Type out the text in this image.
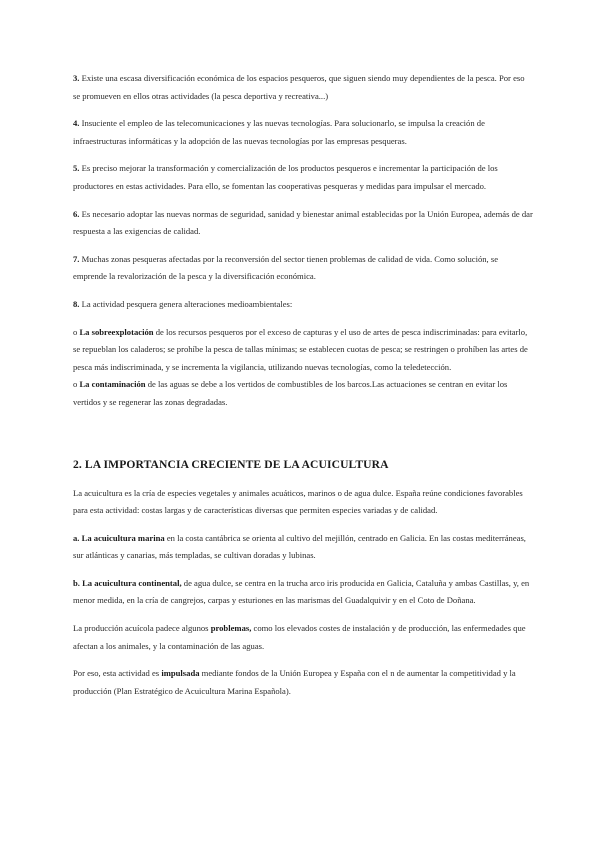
3. Existe una escasa diversificación económica de los espacios pesqueros, que siguen siendo muy dependientes de la pesca. Por eso se promueven en ellos otras actividades (la pesca deportiva y recreativa...)

4. Insuciente el empleo de las telecomunicaciones y las nuevas tecnologías. Para solucionarlo, se impulsa la creación de infraestructuras informáticas y la adopción de las nuevas tecnologías por las empresas pesqueras.

5. Es preciso mejorar la transformación y comercialización de los productos pesqueros e incrementar la participación de los productores en estas actividades. Para ello, se fomentan las cooperativas pesqueras y medidas para impulsar el mercado.

6. Es necesario adoptar las nuevas normas de seguridad, sanidad y bienestar animal establecidas por la Unión Europea, además de dar respuesta a las exigencias de calidad.

7. Muchas zonas pesqueras afectadas por la reconversión del sector tienen problemas de calidad de vida. Como solución, se emprende la revalorización de la pesca y la diversificación económica.

8. La actividad pesquera genera alteraciones medioambientales:

o La sobreexplotación de los recursos pesqueros por el exceso de capturas y el uso de artes de pesca indiscriminadas: para evitarlo, se repueblan los caladeros; se prohíbe la pesca de tallas mínimas; se establecen cuotas de pesca; se restringen o prohíben las artes de pesca más indiscriminada, y se incrementa la vigilancia, utilizando nuevas tecnologías, como la teledetección.

o La contaminación de las aguas se debe a los vertidos de combustibles de los barcos.Las actuaciones se centran en evitar los vertidos y se regenerar las zonas degradadas.

2. LA IMPORTANCIA CRECIENTE DE LA ACUICULTURA

La acuicultura es la cría de especies vegetales y animales acuáticos, marinos o de agua dulce. España reúne condiciones favorables para esta actividad: costas largas y de características diversas que permiten especies variadas y de calidad.

a. La acuicultura marina en la costa cantábrica se orienta al cultivo del mejillón, centrado en Galicia. En las costas mediterráneas, sur atlánticas y canarias, más templadas, se cultivan doradas y lubinas.

b. La acuicultura continental, de agua dulce, se centra en la trucha arco iris producida en Galicia, Cataluña y ambas Castillas, y, en menor medida, en la cría de cangrejos, carpas y esturiones en las marismas del Guadalquivir y en el Coto de Doñana.

La producción acuícola padece algunos problemas, como los elevados costes de instalación y de producción, las enfermedades que afectan a los animales, y la contaminación de las aguas.

Por eso, esta actividad es impulsada mediante fondos de la Unión Europea y España con el n de aumentar la competitividad y la producción (Plan Estratégico de Acuicultura Marina Española).
